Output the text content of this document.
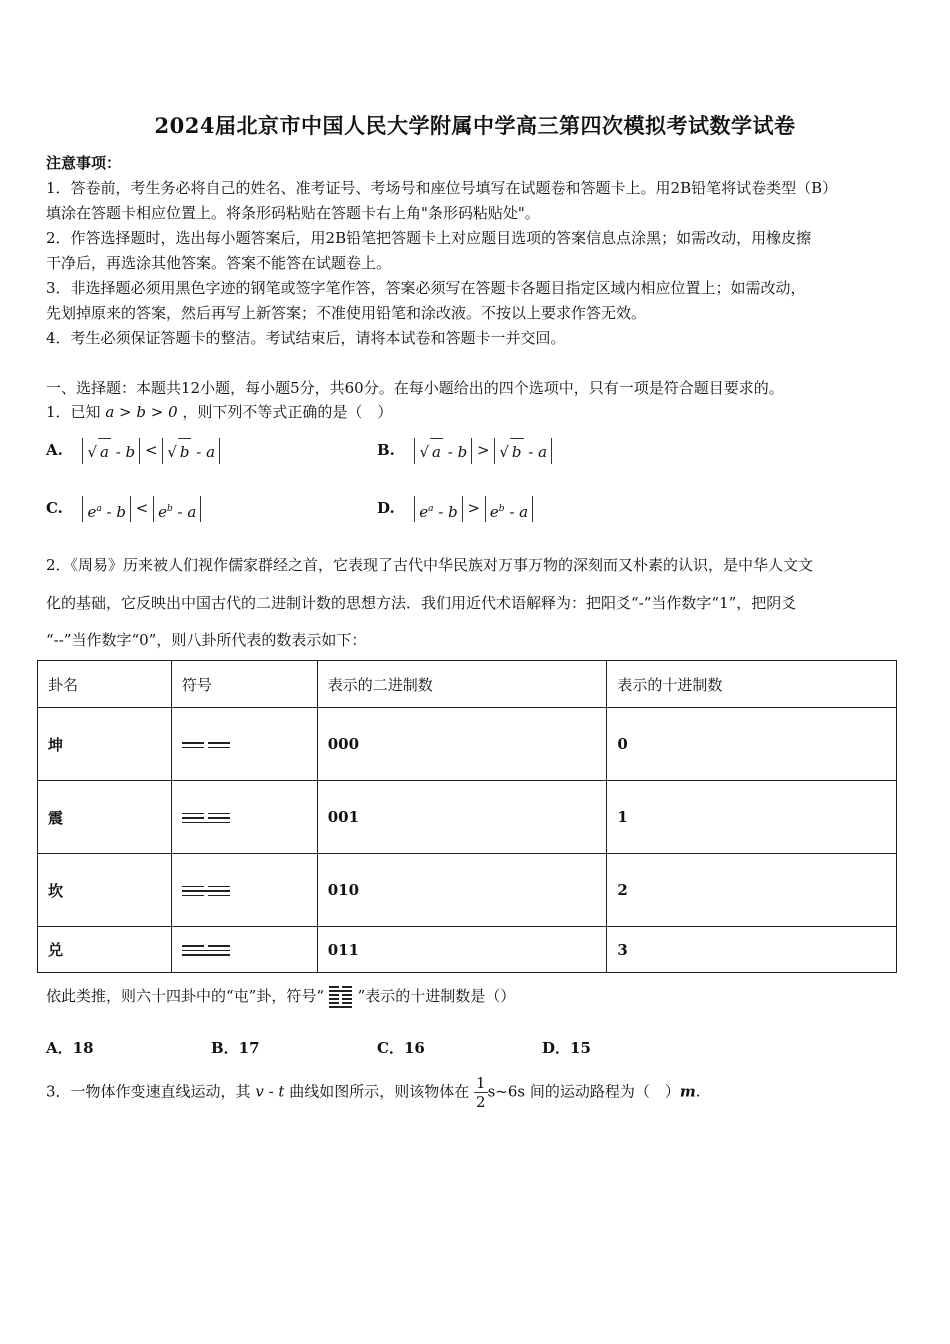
2024届北京市中国人民大学附属中学高三第四次模拟考试数学试卷
注意事项：
1．答卷前，考生务必将自己的姓名、准考证号、考场号和座位号填写在试题卷和答题卡上。用2B铅笔将试卷类型（B）
填涂在答题卡相应位置上。将条形码粘贴在答题卡右上角"条形码粘贴处"。
2．作答选择题时，选出每小题答案后，用2B铅笔把答题卡上对应题目选项的答案信息点涂黑；如需改动，用橡皮擦
干净后，再选涂其他答案。答案不能答在试题卷上。
3．非选择题必须用黑色字迹的钢笔或签字笔作答，答案必须写在答题卡各题目指定区域内相应位置上；如需改动，
先划掉原来的答案，然后再写上新答案；不准使用铅笔和涂改液。不按以上要求作答无效。
4．考生必须保证答题卡的整洁。考试结束后，请将本试卷和答题卡一并交回。
一、选择题：本题共12小题，每小题5分，共60分。在每小题给出的四个选项中，只有一项是符合题目要求的。
1．已知 a > b > 0 ，则下列不等式正确的是（　）
A. √ a - b < √ b - a	B. √ a - b > √ b - a
C. $e^a - b < e^b - a$	D. $e^a - b > e^b - a$
2．《周易》历来被人们视作儒家群经之首，它表现了古代中华民族对万事万物的深刻而又朴素的认识，是中华人文文
化的基础，它反映出中国古代的二进制计数的思想方法．我们用近代术语解释为：把阳爻“-”当作数字“1”，把阴爻
“--”当作数字“0”，则八卦所代表的数表示如下：
卦名	符号	表示的二进制数	表示的十进制数
坤		000	0
震		001	1
坎		010	2
兑		011	3
依此类推，则六十四卦中的“屯”卦，符号“ ”表示的十进制数是（）
A．18	B．17	C．16	D．15
3．一物体作变速直线运动，其 v - t 曲线如图所示，则该物体在 $\frac{1}{2}$ s~6s 间的运动路程为（　）m.
